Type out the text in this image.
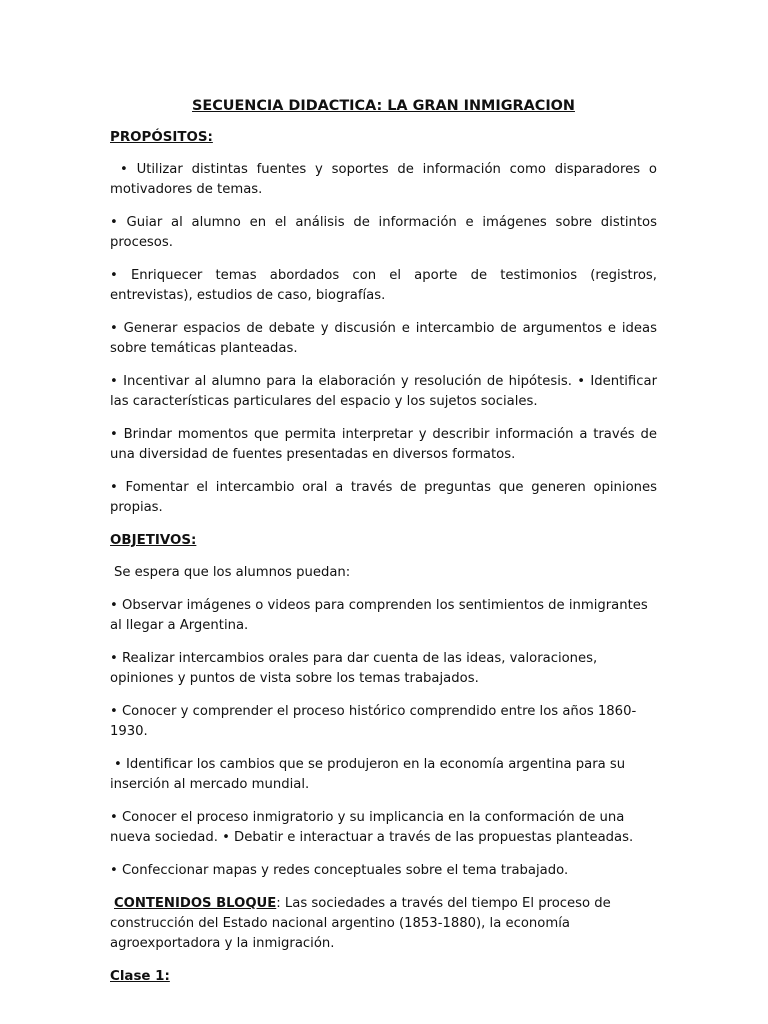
SECUENCIA DIDACTICA: LA GRAN INMIGRACION
PROPÓSITOS:

• Utilizar distintas fuentes y soportes de información como disparadores o motivadores de temas.

• Guiar al alumno en el análisis de información e imágenes sobre distintos procesos.

• Enriquecer temas abordados con el aporte de testimonios (registros, entrevistas), estudios de caso, biografías.

• Generar espacios de debate y discusión e intercambio de argumentos e ideas sobre temáticas planteadas.

• Incentivar al alumno para la elaboración y resolución de hipótesis. • Identificar las características particulares del espacio y los sujetos sociales.

• Brindar momentos que permita interpretar y describir información a través de una diversidad de fuentes presentadas en diversos formatos.

• Fomentar el intercambio oral a través de preguntas que generen opiniones propias.

OBJETIVOS:

Se espera que los alumnos puedan:

• Observar imágenes o videos para comprenden los sentimientos de inmigrantes al llegar a Argentina.

• Realizar intercambios orales para dar cuenta de las ideas, valoraciones, opiniones y puntos de vista sobre los temas trabajados.

• Conocer y comprender el proceso histórico comprendido entre los años 1860- 1930.

• Identificar los cambios que se produjeron en la economía argentina para su inserción al mercado mundial.

• Conocer el proceso inmigratorio y su implicancia en la conformación de una nueva sociedad. • Debatir e interactuar a través de las propuestas planteadas.

• Confeccionar mapas y redes conceptuales sobre el tema trabajado.

CONTENIDOS BLOQUE: Las sociedades a través del tiempo El proceso de construcción del Estado nacional argentino (1853-1880), la economía agroexportadora y la inmigración.

Clase 1:
